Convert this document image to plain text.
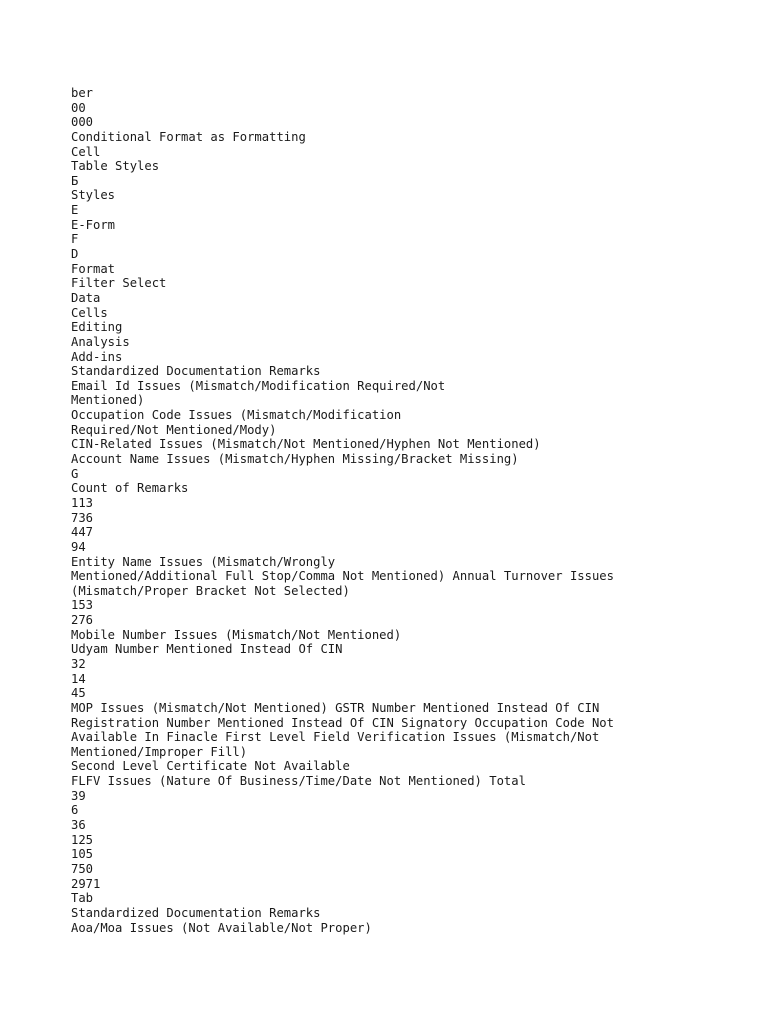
ber
00
000
Conditional Format as Formatting
Cell
Table Styles
Б
Styles
E
E-Form
F
D
Format
Filter Select
Data
Cells
Editing
Analysis
Add-ins
Standardized Documentation Remarks
Email Id Issues (Mismatch/Modification Required/Not
Mentioned)
Occupation Code Issues (Mismatch/Modification
Required/Not Mentioned/Mody)
CIN-Related Issues (Mismatch/Not Mentioned/Hyphen Not Mentioned)
Account Name Issues (Mismatch/Hyphen Missing/Bracket Missing)
G
Count of Remarks
113
736
447
94
Entity Name Issues (Mismatch/Wrongly
Mentioned/Additional Full Stop/Comma Not Mentioned) Annual Turnover Issues
(Mismatch/Proper Bracket Not Selected)
153
276
Mobile Number Issues (Mismatch/Not Mentioned)
Udyam Number Mentioned Instead Of CIN
32
14
45
MOP Issues (Mismatch/Not Mentioned) GSTR Number Mentioned Instead Of CIN
Registration Number Mentioned Instead Of CIN Signatory Occupation Code Not
Available In Finacle First Level Field Verification Issues (Mismatch/Not
Mentioned/Improper Fill)
Second Level Certificate Not Available
FLFV Issues (Nature Of Business/Time/Date Not Mentioned) Total
39
6
36
125
105
750
2971
Tab
Standardized Documentation Remarks
Aoa/Moa Issues (Not Available/Not Proper)
